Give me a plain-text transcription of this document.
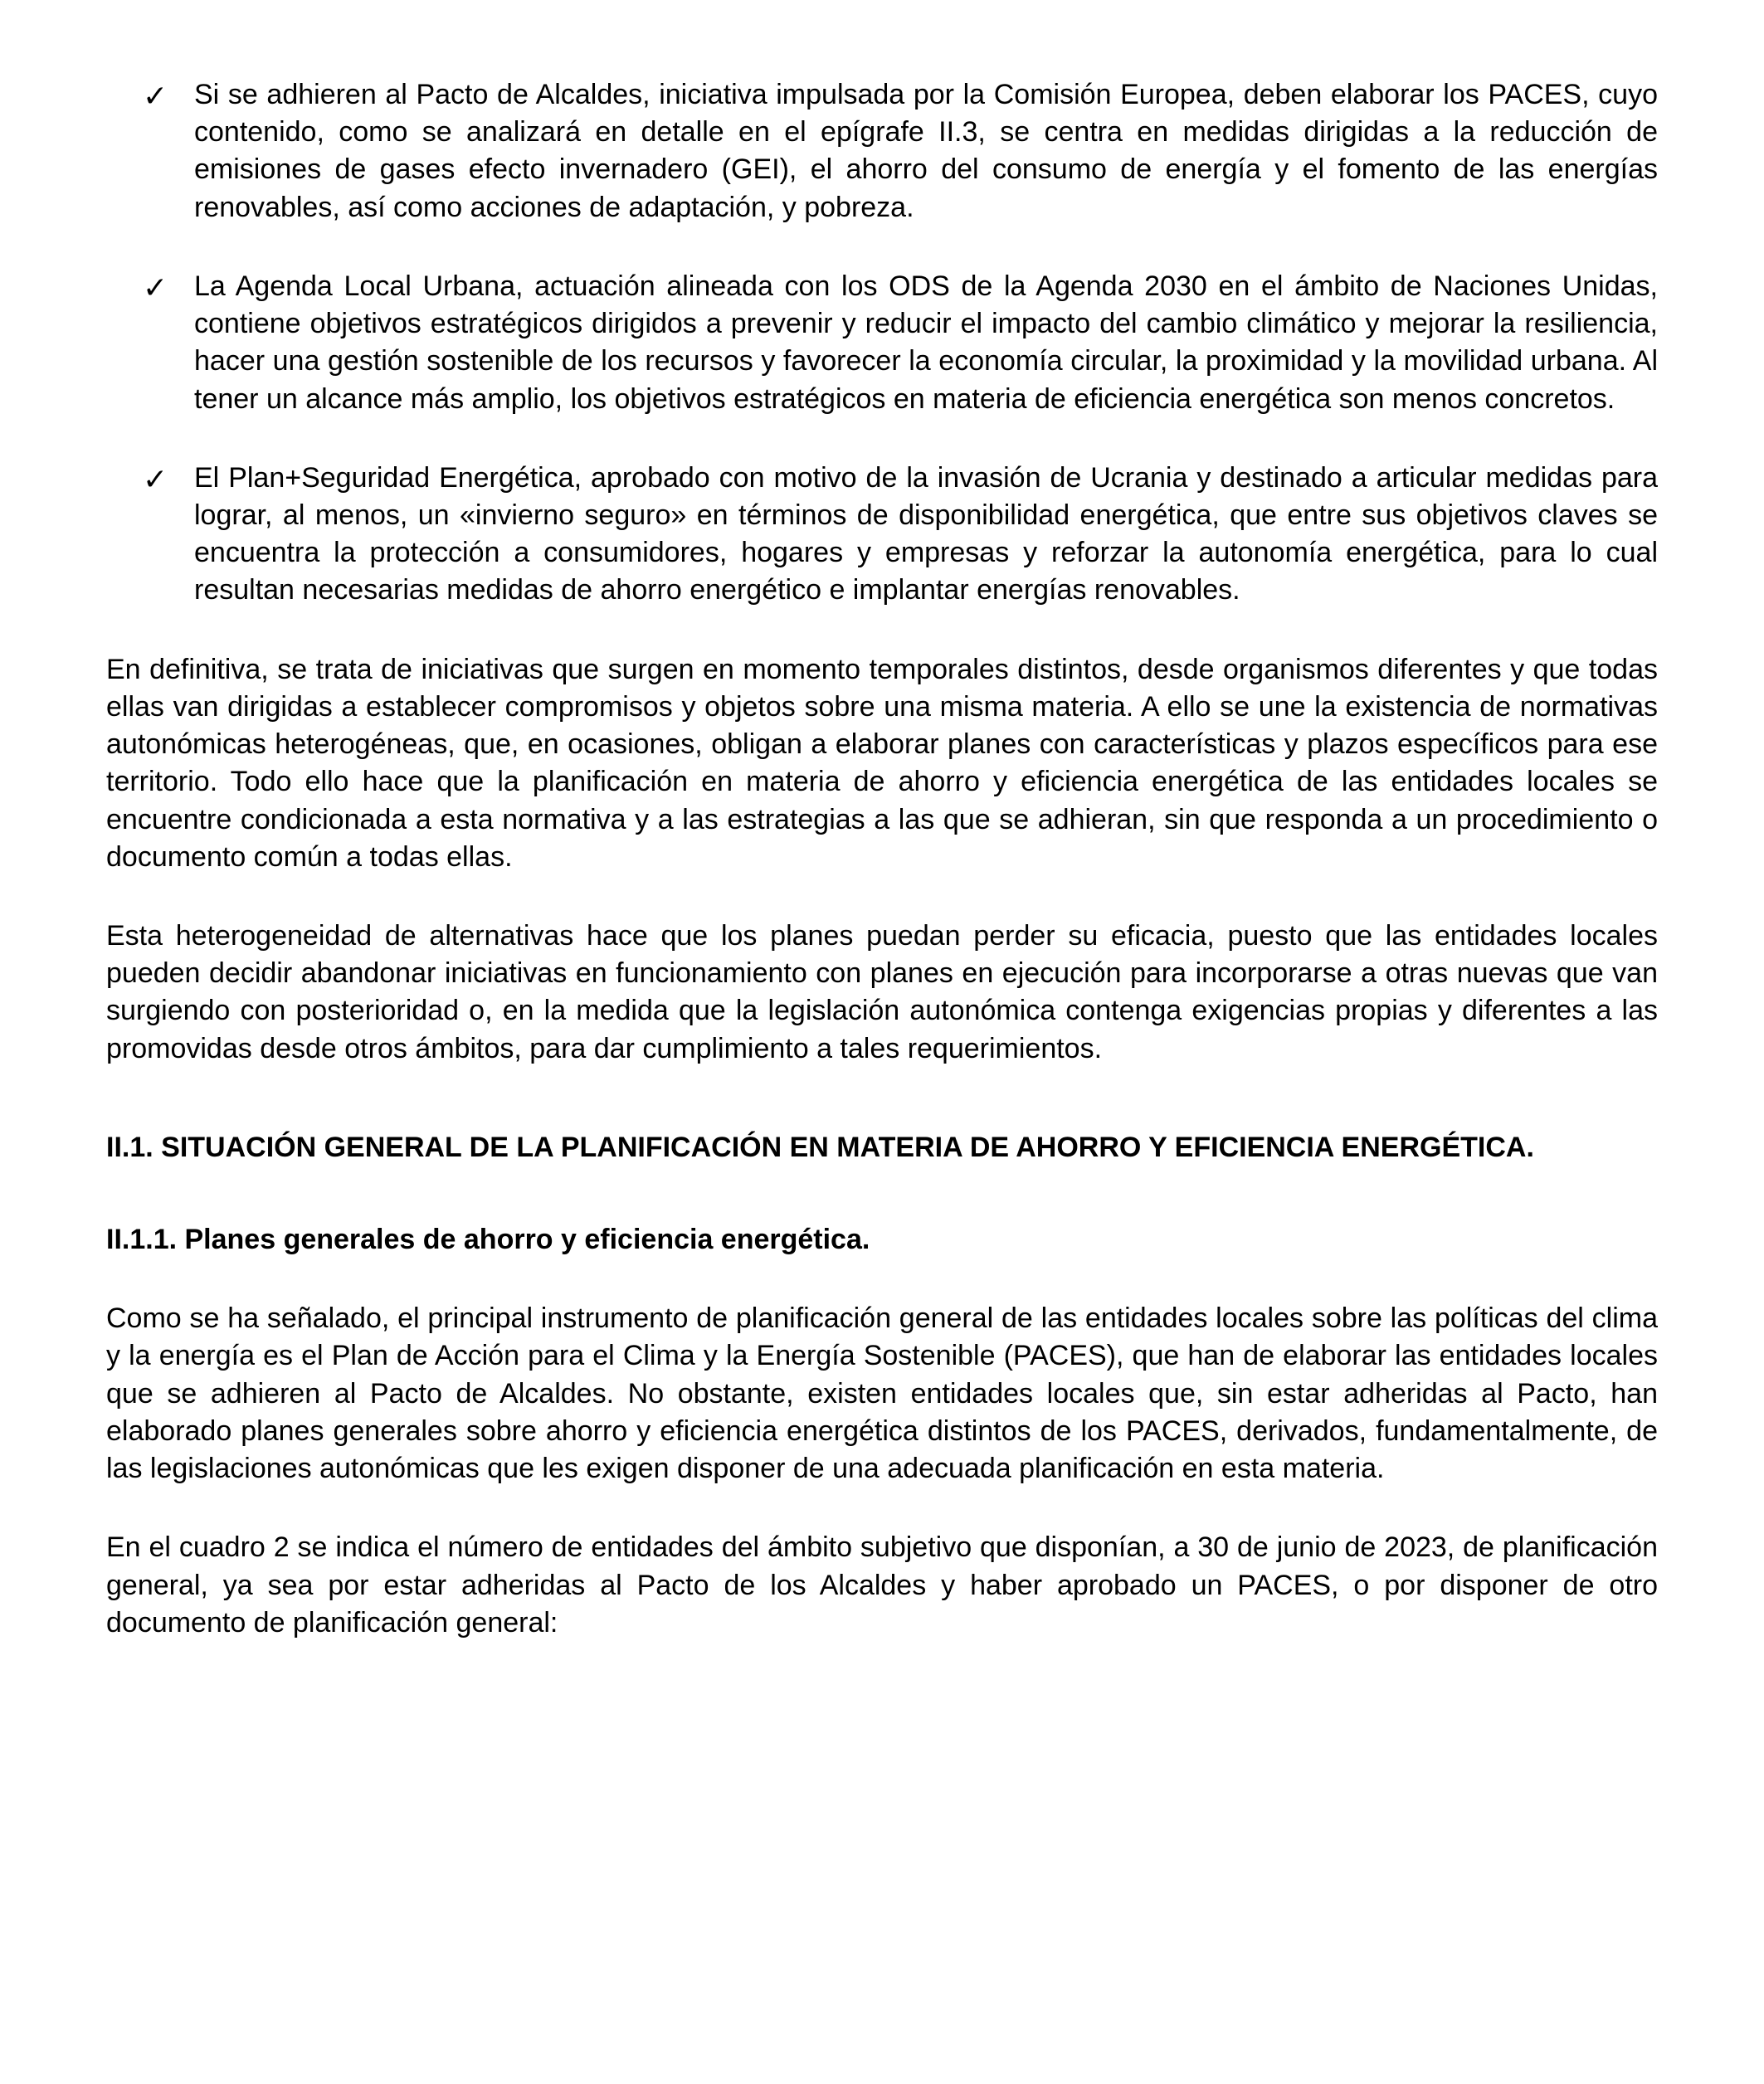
✓ Si se adhieren al Pacto de Alcaldes, iniciativa impulsada por la Comisión Europea, deben elaborar los PACES, cuyo contenido, como se analizará en detalle en el epígrafe II.3, se centra en medidas dirigidas a la reducción de emisiones de gases efecto invernadero (GEI), el ahorro del consumo de energía y el fomento de las energías renovables, así como acciones de adaptación, y pobreza.
✓ La Agenda Local Urbana, actuación alineada con los ODS de la Agenda 2030 en el ámbito de Naciones Unidas, contiene objetivos estratégicos dirigidos a prevenir y reducir el impacto del cambio climático y mejorar la resiliencia, hacer una gestión sostenible de los recursos y favorecer la economía circular, la proximidad y la movilidad urbana. Al tener un alcance más amplio, los objetivos estratégicos en materia de eficiencia energética son menos concretos.
✓ El Plan+Seguridad Energética, aprobado con motivo de la invasión de Ucrania y destinado a articular medidas para lograr, al menos, un «invierno seguro» en términos de disponibilidad energética, que entre sus objetivos claves se encuentra la protección a consumidores, hogares y empresas y reforzar la autonomía energética, para lo cual resultan necesarias medidas de ahorro energético e implantar energías renovables.

En definitiva, se trata de iniciativas que surgen en momento temporales distintos, desde organismos diferentes y que todas ellas van dirigidas a establecer compromisos y objetos sobre una misma materia. A ello se une la existencia de normativas autonómicas heterogéneas, que, en ocasiones, obligan a elaborar planes con características y plazos específicos para ese territorio. Todo ello hace que la planificación en materia de ahorro y eficiencia energética de las entidades locales se encuentre condicionada a esta normativa y a las estrategias a las que se adhieran, sin que responda a un procedimiento o documento común a todas ellas.

Esta heterogeneidad de alternativas hace que los planes puedan perder su eficacia, puesto que las entidades locales pueden decidir abandonar iniciativas en funcionamiento con planes en ejecución para incorporarse a otras nuevas que van surgiendo con posterioridad o, en la medida que la legislación autonómica contenga exigencias propias y diferentes a las promovidas desde otros ámbitos, para dar cumplimiento a tales requerimientos.

II.1. SITUACIÓN GENERAL DE LA PLANIFICACIÓN EN MATERIA DE AHORRO Y EFICIENCIA ENERGÉTICA.
II.1.1. Planes generales de ahorro y eficiencia energética.

Como se ha señalado, el principal instrumento de planificación general de las entidades locales sobre las políticas del clima y la energía es el Plan de Acción para el Clima y la Energía Sostenible (PACES), que han de elaborar las entidades locales que se adhieren al Pacto de Alcaldes. No obstante, existen entidades locales que, sin estar adheridas al Pacto, han elaborado planes generales sobre ahorro y eficiencia energética distintos de los PACES, derivados, fundamentalmente, de las legislaciones autonómicas que les exigen disponer de una adecuada planificación en esta materia.

En el cuadro 2 se indica el número de entidades del ámbito subjetivo que disponían, a 30 de junio de 2023, de planificación general, ya sea por estar adheridas al Pacto de los Alcaldes y haber aprobado un PACES, o por disponer de otro documento de planificación general:
